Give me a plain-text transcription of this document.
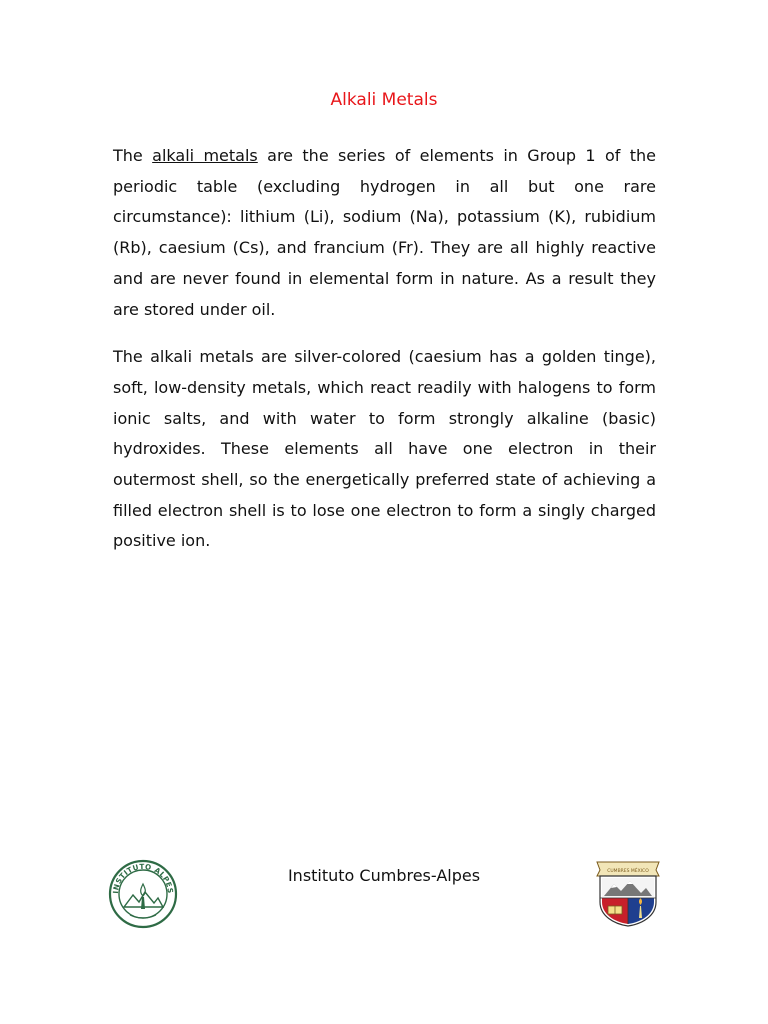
Alkali Metals

The alkali metals are the series of elements in Group 1 of the periodic table (excluding hydrogen in all but one rare circumstance): lithium (Li), sodium (Na), potassium (K), rubidium (Rb), caesium (Cs), and francium (Fr). They are all highly reactive and are never found in elemental form in nature. As a result they are stored under oil.

The alkali metals are silver-colored (caesium has a golden tinge), soft, low-density metals, which react readily with halogens to form ionic salts, and with water to form strongly alkaline (basic) hydroxides. These elements all have one electron in their outermost shell, so the energetically preferred state of achieving a filled electron shell is to lose one electron to form a singly charged positive ion.

INSTITUTO ALPES
Instituto Cumbres-Alpes	CUMBRES MÉXICO
